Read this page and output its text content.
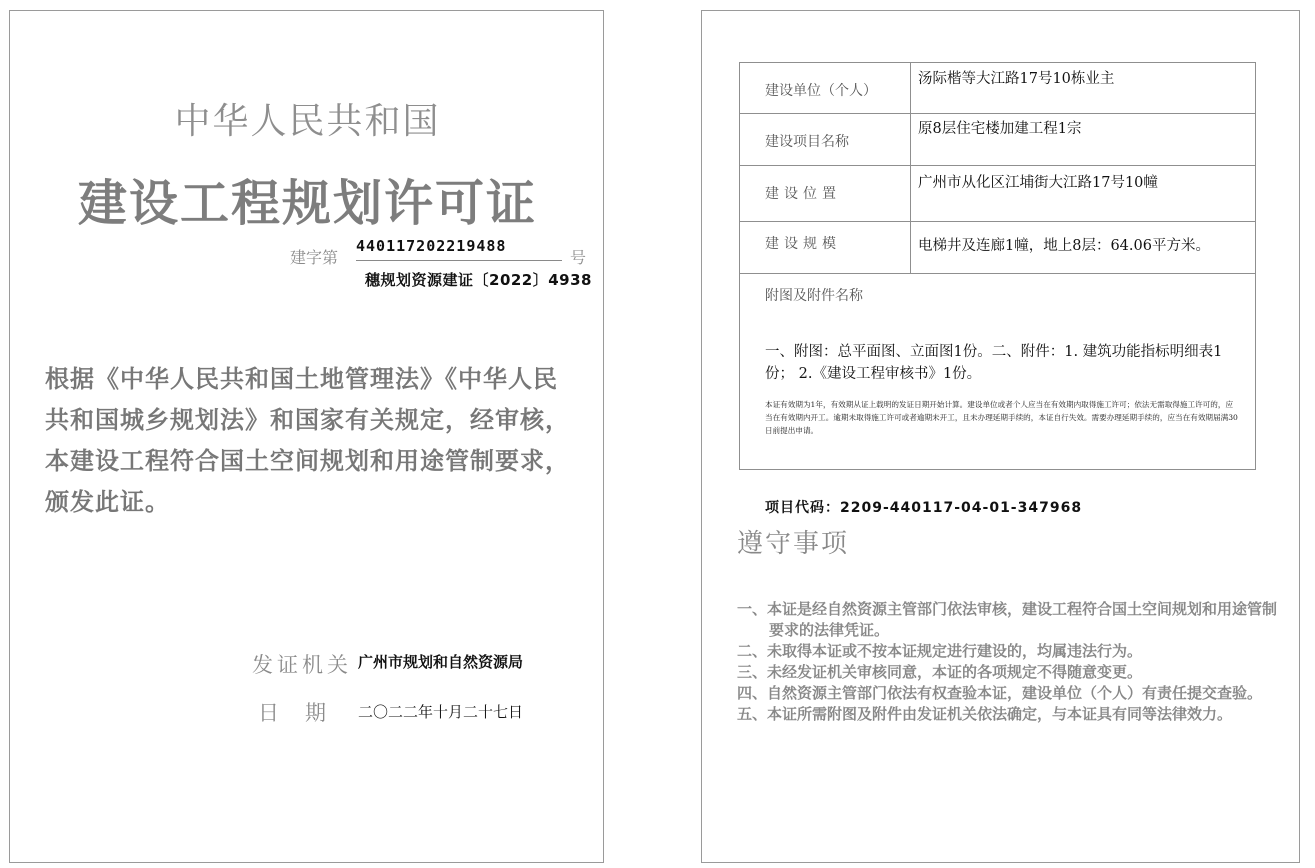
中华人民共和国
建设工程规划许可证
建字第
440117202219488
号
穗规划资源建证〔2022〕4938
根据《中华人民共和国土地管理法》《中华人民共和国城乡规划法》和国家有关规定，经审核，本建设工程符合国土空间规划和用途管制要求，颁发此证。
发证机关 广州市规划和自然资源局
日期 二〇二二年十月二十七日
建设单位（个人）
汤际楷等大江路17号10栋业主
建设项目名称
原8层住宅楼加建工程1宗
建设位置
广州市从化区江埔街大江路17号10幢
建设规模	电梯井及连廊1幢，地上8层：64.06平方米。
附图及附件名称
一、附图：总平面图、立面图1份。二、附件：1. 建筑功能指标明细表1份； 2.《建设工程审核书》1份。
本证有效期为1年，有效期从证上载明的发证日期开始计算。建设单位或者个人应当在有效期内取得施工许可；依法无需取得施工许可的，应当在有效期内开工。逾期未取得施工许可或者逾期未开工，且未办理延期手续的，本证自行失效。需要办理延期手续的，应当在有效期届满30日前提出申请。
项目代码：2209-440117-04-01-347968
遵守事项
一、本证是经自然资源主管部门依法审核，建设工程符合国土空间规划和用途管制要求的法律凭证。
二、未取得本证或不按本证规定进行建设的，均属违法行为。
三、未经发证机关审核同意，本证的各项规定不得随意变更。
四、自然资源主管部门依法有权查验本证，建设单位（个人）有责任提交查验。
五、本证所需附图及附件由发证机关依法确定，与本证具有同等法律效力。
